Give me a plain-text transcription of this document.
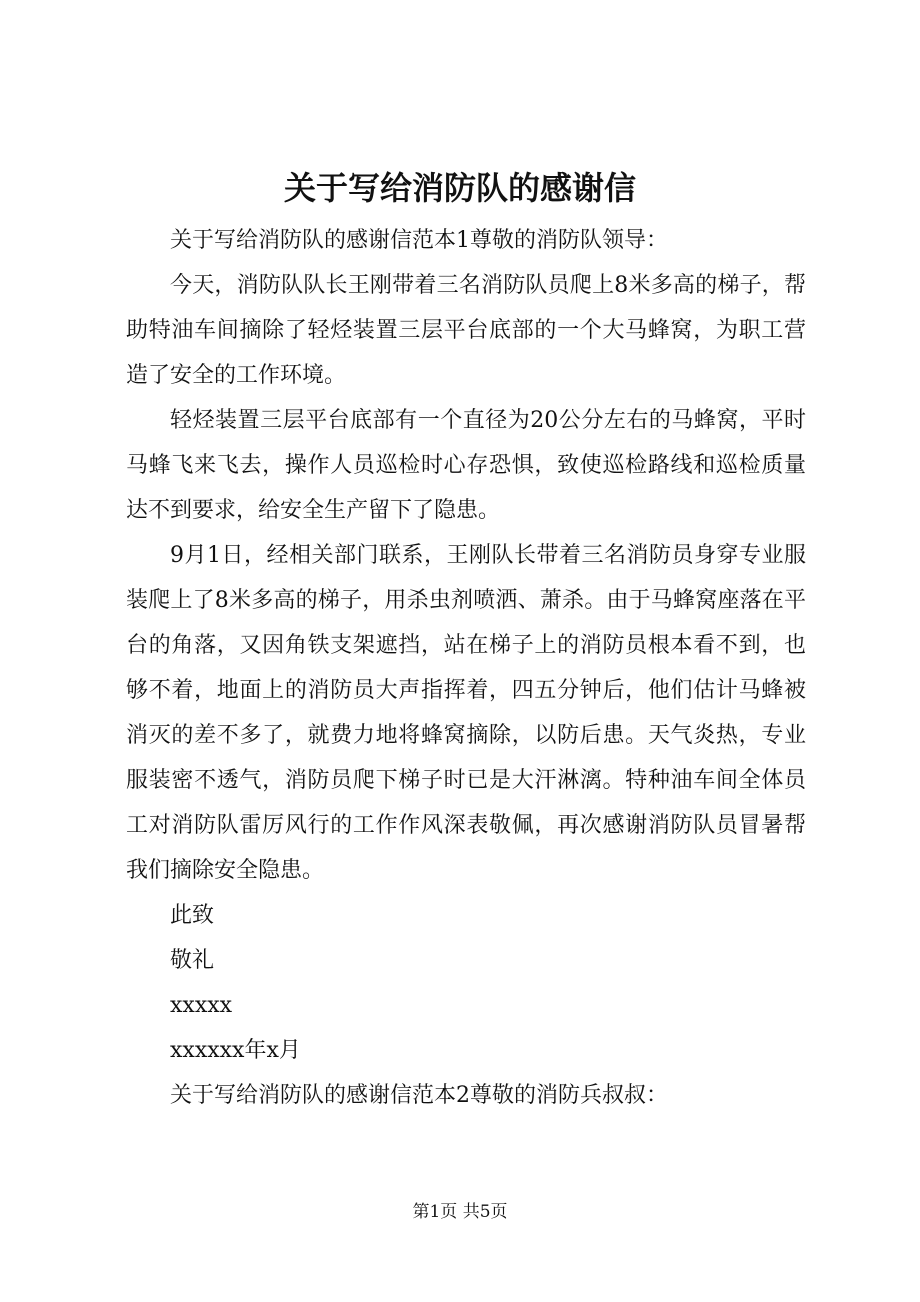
关于写给消防队的感谢信

关于写给消防队的感谢信范本1尊敬的消防队领导：

今天，消防队队长王刚带着三名消防队员爬上8米多高的梯子，帮助特油车间摘除了轻烃装置三层平台底部的一个大马蜂窝，为职工营造了安全的工作环境。

轻烃装置三层平台底部有一个直径为20公分左右的马蜂窝，平时马蜂飞来飞去，操作人员巡检时心存恐惧，致使巡检路线和巡检质量达不到要求，给安全生产留下了隐患。

9月1日，经相关部门联系，王刚队长带着三名消防员身穿专业服装爬上了8米多高的梯子，用杀虫剂喷洒、萧杀。由于马蜂窝座落在平台的角落，又因角铁支架遮挡，站在梯子上的消防员根本看不到，也够不着，地面上的消防员大声指挥着，四五分钟后，他们估计马蜂被消灭的差不多了，就费力地将蜂窝摘除，以防后患。天气炎热，专业服装密不透气，消防员爬下梯子时已是大汗淋漓。特种油车间全体员工对消防队雷厉风行的工作作风深表敬佩，再次感谢消防队员冒暑帮我们摘除安全隐患。

此致

敬礼

xxxxx

xxxxxx年x月

关于写给消防队的感谢信范本2尊敬的消防兵叔叔：

第1页 共5页
